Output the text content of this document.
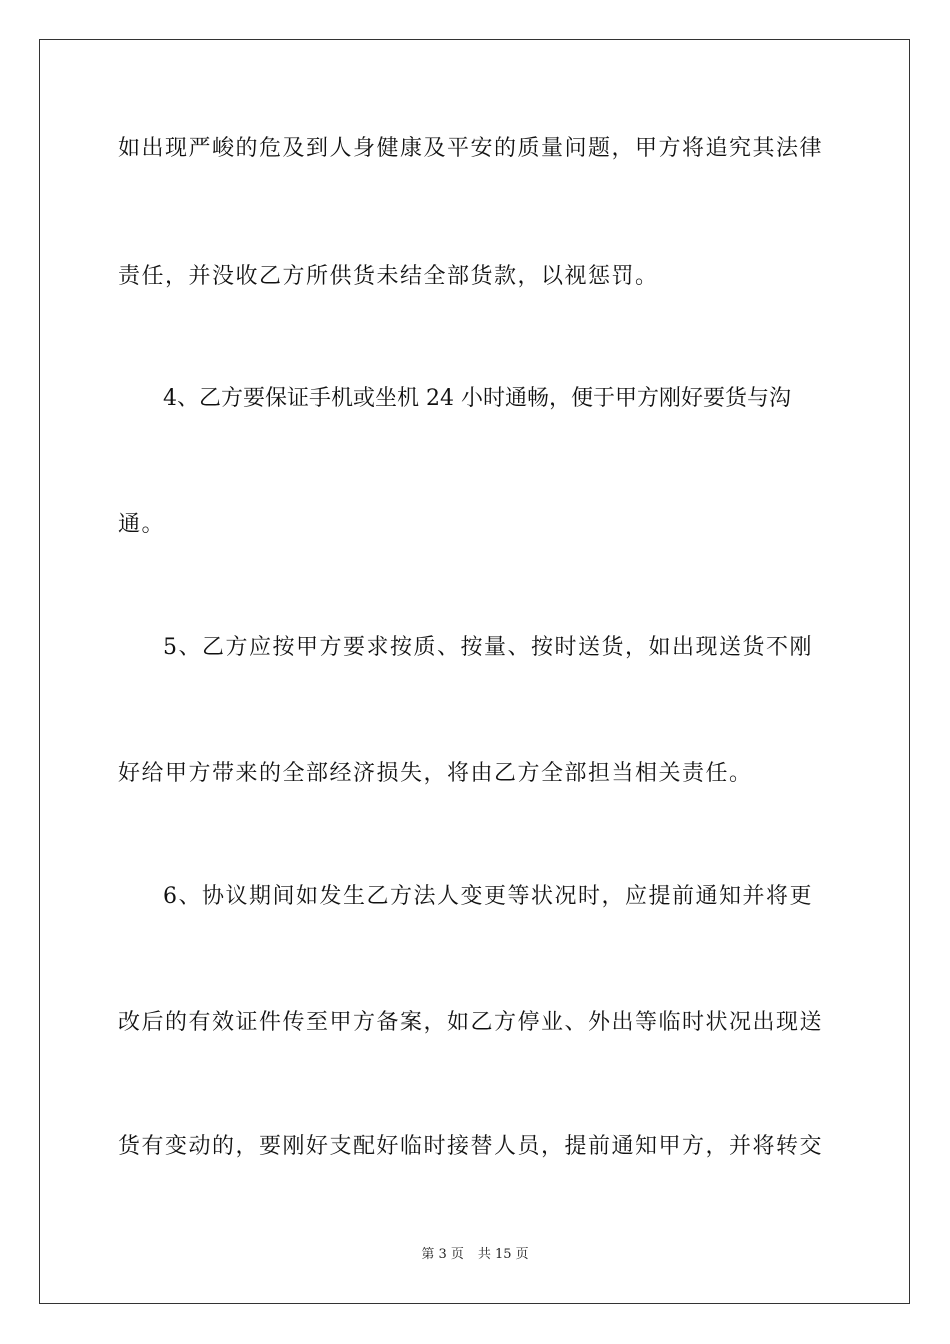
如出现严峻的危及到人身健康及平安的质量问题，甲方将追究其法律
责任，并没收乙方所供货未结全部货款，以视惩罚。
4、乙方要保证手机或坐机 24 小时通畅，便于甲方刚好要货与沟
通。
5、乙方应按甲方要求按质、按量、按时送货，如出现送货不刚
好给甲方带来的全部经济损失，将由乙方全部担当相关责任。
6、协议期间如发生乙方法人变更等状况时，应提前通知并将更
改后的有效证件传至甲方备案，如乙方停业、外出等临时状况出现送
货有变动的，要刚好支配好临时接替人员，提前通知甲方，并将转交
第 3 页 共 15 页
